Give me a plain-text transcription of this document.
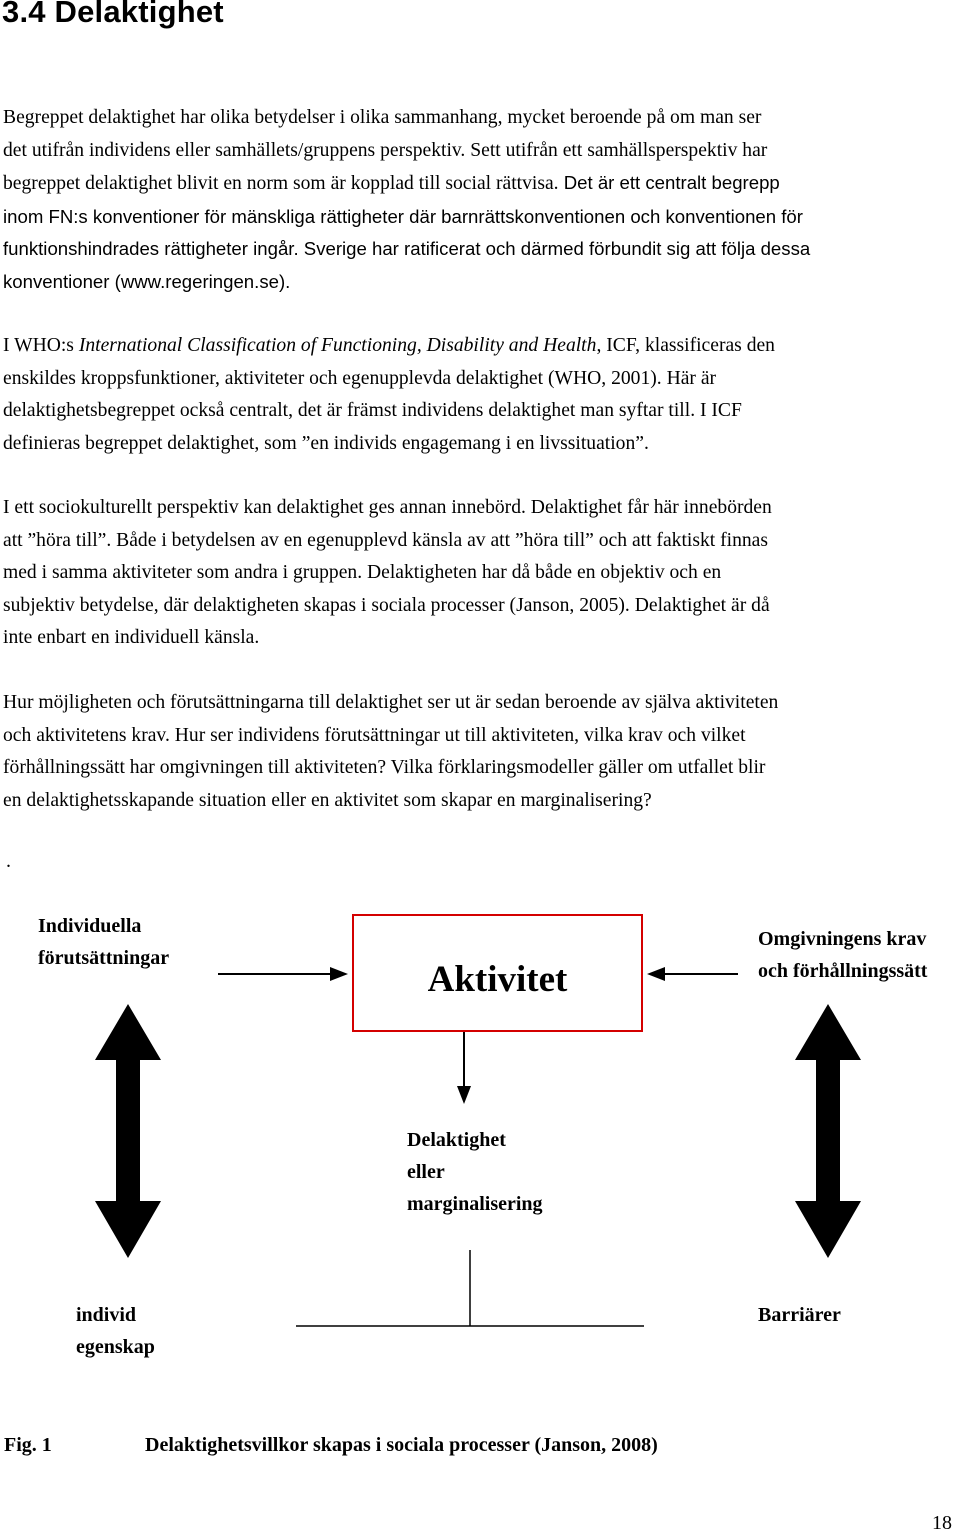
3.4 Delaktighet
Begreppet delaktighet har olika betydelser i olika sammanhang, mycket beroende på om man ser
det utifrån individens eller samhällets/gruppens perspektiv. Sett utifrån ett samhällsperspektiv har
begreppet delaktighet blivit en norm som är kopplad till social rättvisa. Det är ett centralt begrepp
inom FN:s konventioner för mänskliga rättigheter där barnrättskonventionen och konventionen för
funktionshindrades rättigheter ingår. Sverige har ratificerat och därmed förbundit sig att följa dessa
konventioner (www.regeringen.se).
I WHO:s International Classification of Functioning, Disability and Health, ICF, klassificeras den
enskildes kroppsfunktioner, aktiviteter och egenupplevda delaktighet (WHO, 2001). Här är
delaktighetsbegreppet också centralt, det är främst individens delaktighet man syftar till. I ICF
definieras begreppet delaktighet, som ”en individs engagemang i en livssituation”.
I ett sociokulturellt perspektiv kan delaktighet ges annan innebörd. Delaktighet får här innebörden
att ”höra till”. Både i betydelsen av en egenupplevd känsla av att ”höra till” och att faktiskt finnas
med i samma aktiviteter som andra i gruppen. Delaktigheten har då både en objektiv och en
subjektiv betydelse, där delaktigheten skapas i sociala processer (Janson, 2005). Delaktighet är då
inte enbart en individuell känsla.
Hur möjligheten och förutsättningarna till delaktighet ser ut är sedan beroende av själva aktiviteten
och aktivitetens krav. Hur ser individens förutsättningar ut till aktiviteten, vilka krav och vilket
förhållningssätt har omgivningen till aktiviteten? Vilka förklaringsmodeller gäller om utfallet blir
en delaktighetsskapande situation eller en aktivitet som skapar en marginalisering?
.
Individuella
förutsättningar
Omgivningens krav
och förhållningssätt
Aktivitet
Delaktighet
eller
marginalisering
individ
egenskap
Barriärer
Fig. 1	Delaktighetsvillkor skapas i sociala processer (Janson, 2008)
18
